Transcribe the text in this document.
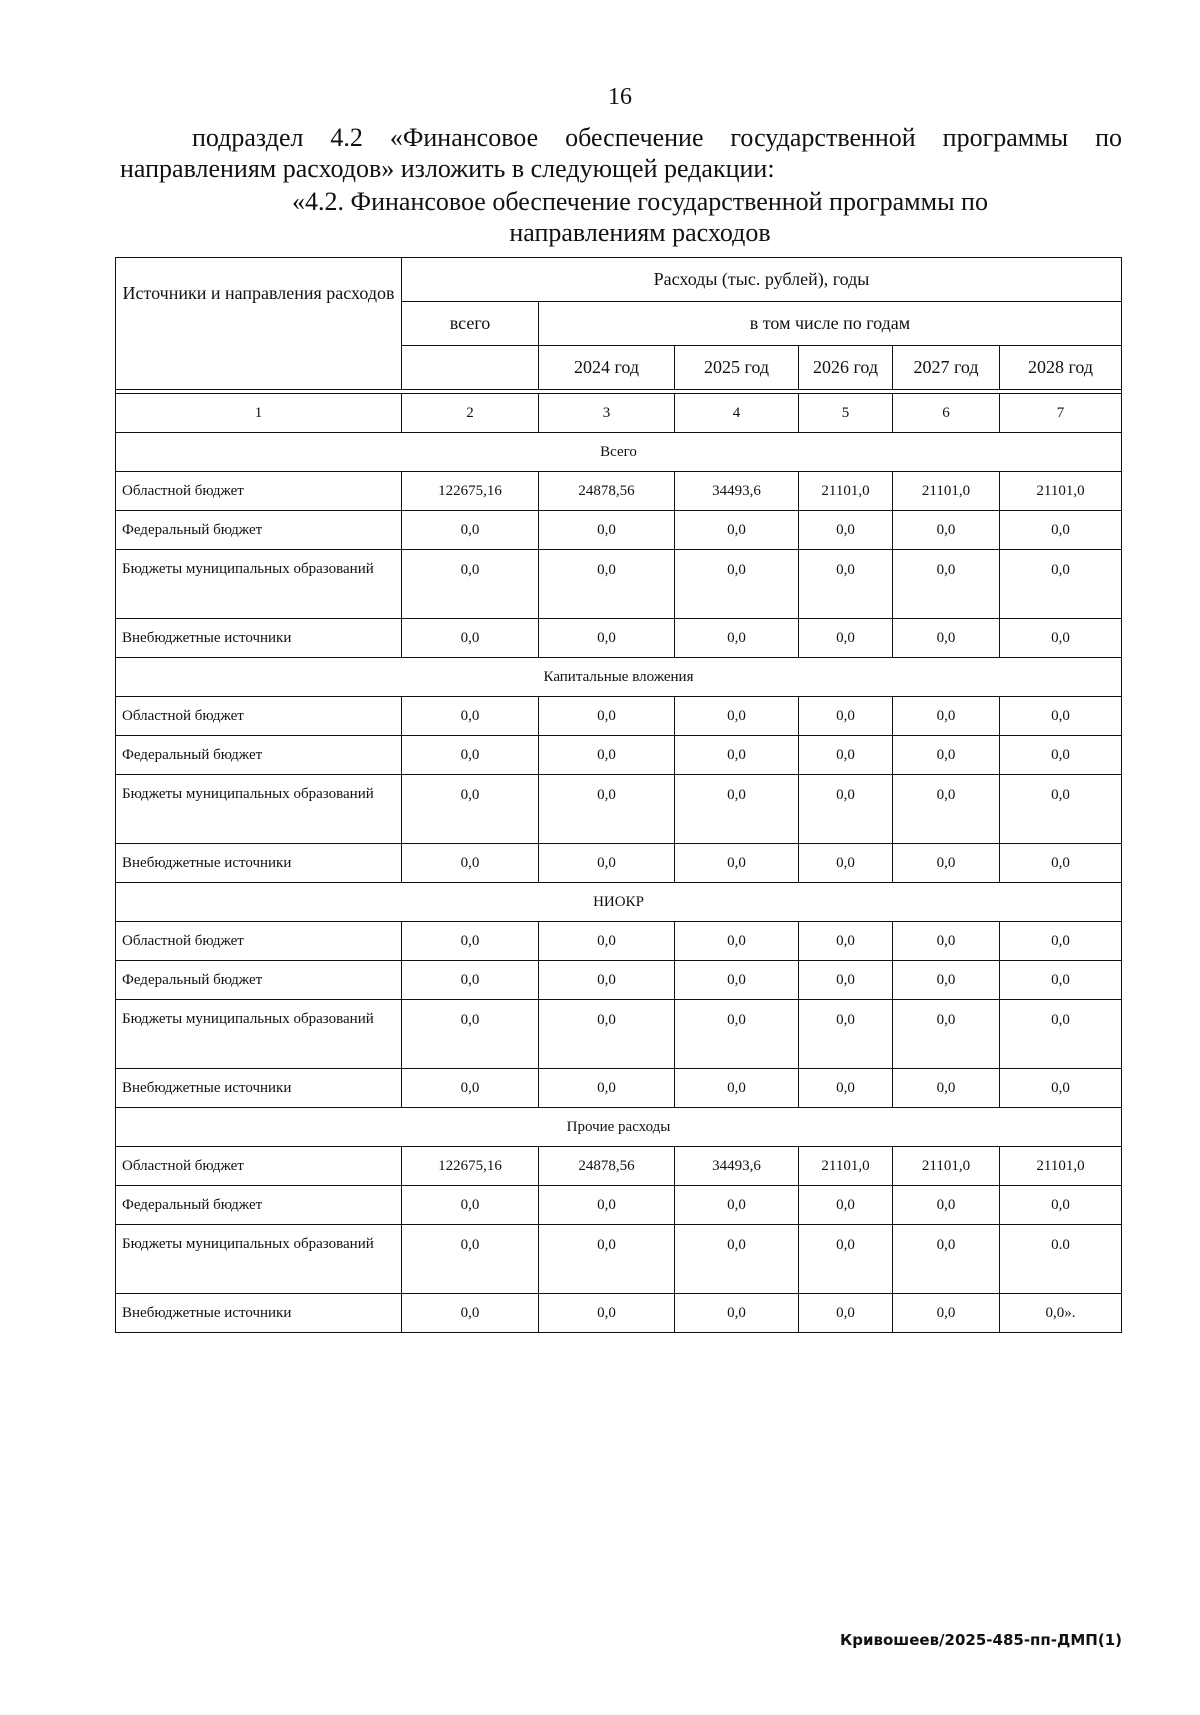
16
подраздел 4.2 «Финансовое обеспечение государственной программы по направлениям расходов» изложить в следующей редакции:
«4.2. Финансовое обеспечение государственной программы по
направлениям расходов
Источники и направления расходов	Расходы (тыс. рублей), годы					
	всего	в том числе по годам				
		2024 год	2025 год	2026 год	2027 год	2028 год

1	2	3	4	5	6	7
Всего						
Областной бюджет	122675,16	24878,56	34493,6	21101,0	21101,0	21101,0
Федеральный бюджет	0,0	0,0	0,0	0,0	0,0	0,0
Бюджеты муниципальных образований	0,0	0,0	0,0	0,0	0,0	0,0
Внебюджетные источники	0,0	0,0	0,0	0,0	0,0	0,0
Капитальные вложения						
Областной бюджет	0,0	0,0	0,0	0,0	0,0	0,0
Федеральный бюджет	0,0	0,0	0,0	0,0	0,0	0,0
Бюджеты муниципальных образований	0,0	0,0	0,0	0,0	0,0	0,0
Внебюджетные источники	0,0	0,0	0,0	0,0	0,0	0,0
НИОКР						
Областной бюджет	0,0	0,0	0,0	0,0	0,0	0,0
Федеральный бюджет	0,0	0,0	0,0	0,0	0,0	0,0
Бюджеты муниципальных образований	0,0	0,0	0,0	0,0	0,0	0,0
Внебюджетные источники	0,0	0,0	0,0	0,0	0,0	0,0
Прочие расходы						
Областной бюджет	122675,16	24878,56	34493,6	21101,0	21101,0	21101,0
Федеральный бюджет	0,0	0,0	0,0	0,0	0,0	0,0
Бюджеты муниципальных образований	0,0	0,0	0,0	0,0	0,0	0.0
Внебюджетные источники	0,0	0,0	0,0	0,0	0,0	0,0».
Кривошеев/2025-485-пп-ДМП(1)
